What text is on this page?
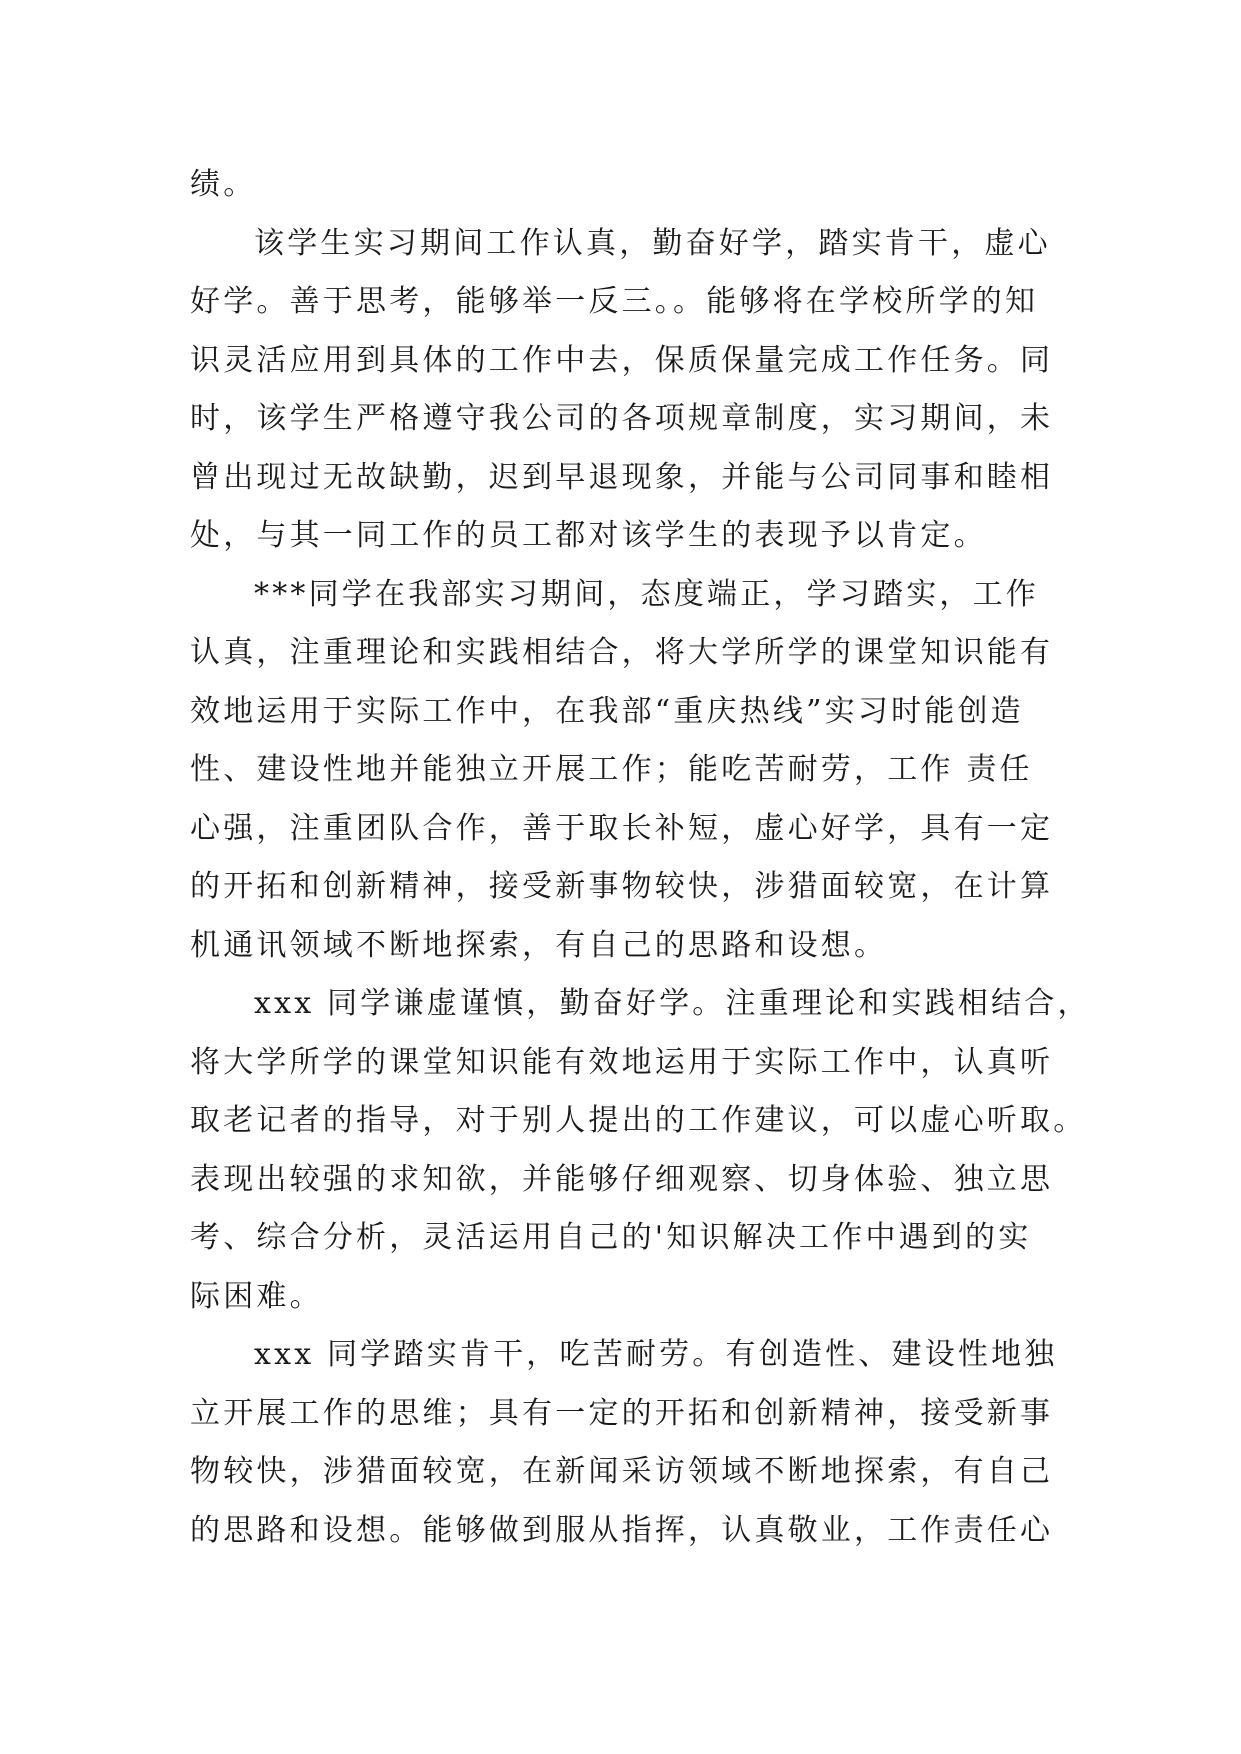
绩。
该学生实习期间工作认真，勤奋好学，踏实肯干，虚心
好学。善于思考，能够举一反三。。能够将在学校所学的知
识灵活应用到具体的工作中去，保质保量完成工作任务。同
时，该学生严格遵守我公司的各项规章制度，实习期间，未
曾出现过无故缺勤，迟到早退现象，并能与公司同事和睦相
处，与其一同工作的员工都对该学生的表现予以肯定。
***同学在我部实习期间，态度端正，学习踏实，工作
认真，注重理论和实践相结合，将大学所学的课堂知识能有
效地运用于实际工作中，在我部“重庆热线”实习时能创造
性、建设性地并能独立开展工作；能吃苦耐劳，工作 责任
心强，注重团队合作，善于取长补短，虚心好学，具有一定
的开拓和创新精神，接受新事物较快，涉猎面较宽，在计算
机通讯领域不断地探索，有自己的思路和设想。
xxx 同学谦虚谨慎，勤奋好学。注重理论和实践相结合，
将大学所学的课堂知识能有效地运用于实际工作中，认真听
取老记者的指导，对于别人提出的工作建议，可以虚心听取。
表现出较强的求知欲，并能够仔细观察、切身体验、独立思
考、综合分析，灵活运用自己的'知识解决工作中遇到的实
际困难。
xxx 同学踏实肯干，吃苦耐劳。有创造性、建设性地独
立开展工作的思维；具有一定的开拓和创新精神，接受新事
物较快，涉猎面较宽，在新闻采访领域不断地探索，有自己
的思路和设想。能够做到服从指挥，认真敬业，工作责任心
